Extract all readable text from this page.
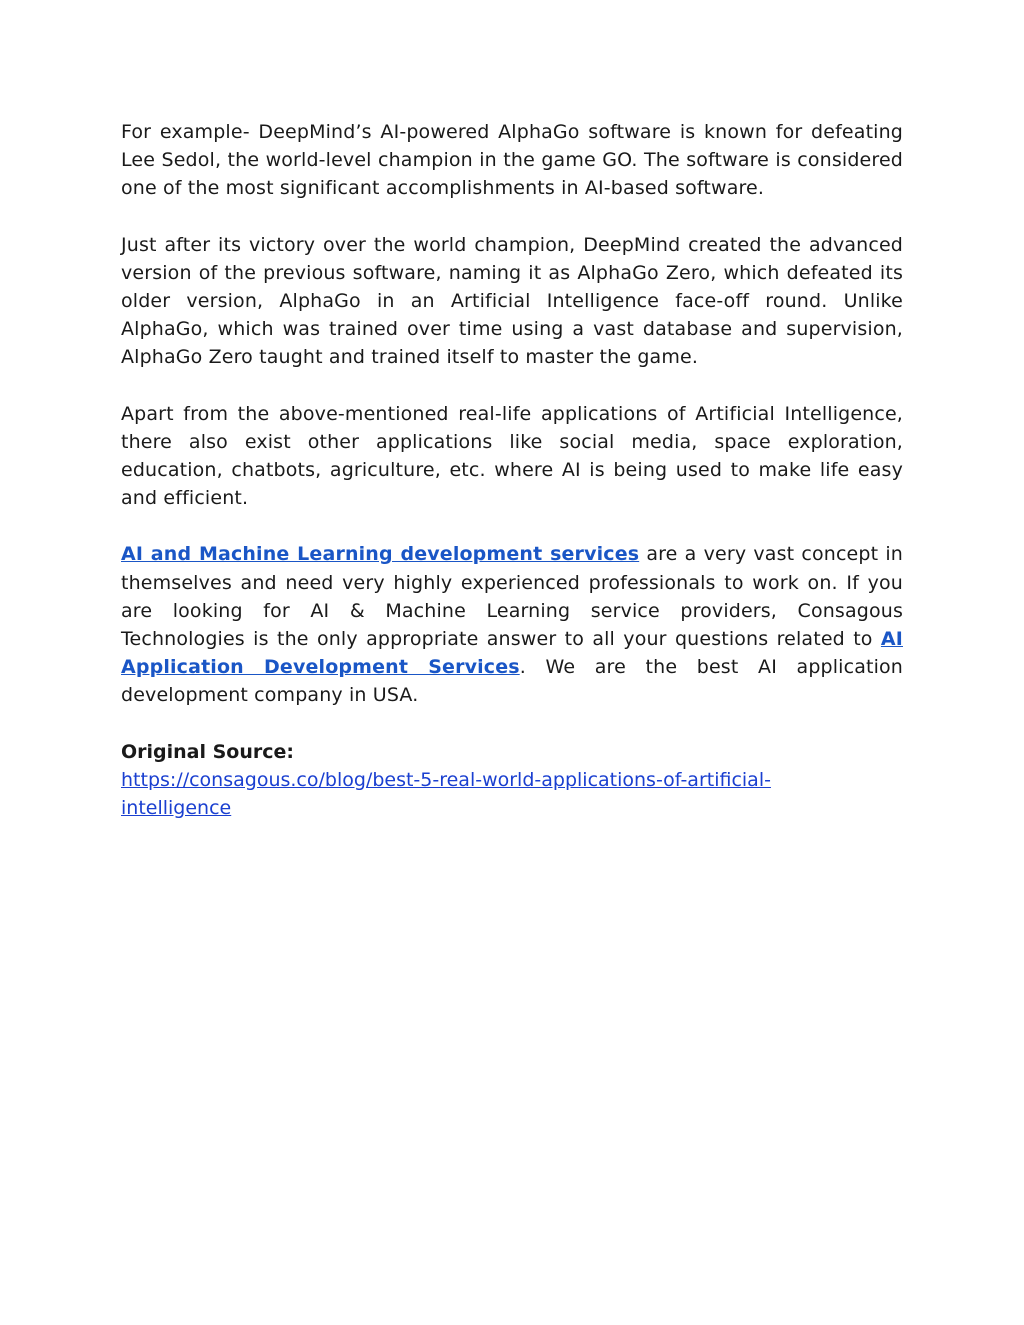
For example- DeepMind’s AI-powered AlphaGo software is known for defeating Lee Sedol, the world-level champion in the game GO. The software is considered one of the most significant accomplishments in AI-based software.

Just after its victory over the world champion, DeepMind created the advanced version of the previous software, naming it as AlphaGo Zero, which defeated its older version, AlphaGo in an Artificial Intelligence face-off round. Unlike AlphaGo, which was trained over time using a vast database and supervision, AlphaGo Zero taught and trained itself to master the game.

Apart from the above-mentioned real-life applications of Artificial Intelligence, there also exist other applications like social media, space exploration, education, chatbots, agriculture, etc. where AI is being used to make life easy and efficient.

AI and Machine Learning development services are a very vast concept in themselves and need very highly experienced professionals to work on. If you are looking for AI & Machine Learning service providers, Consagous Technologies is the only appropriate answer to all your questions related to AI Application Development Services. We are the best AI application development company in USA.

Original Source:

https://consagous.co/blog/best-5-real-world-applications-of-artificial-intelligence
